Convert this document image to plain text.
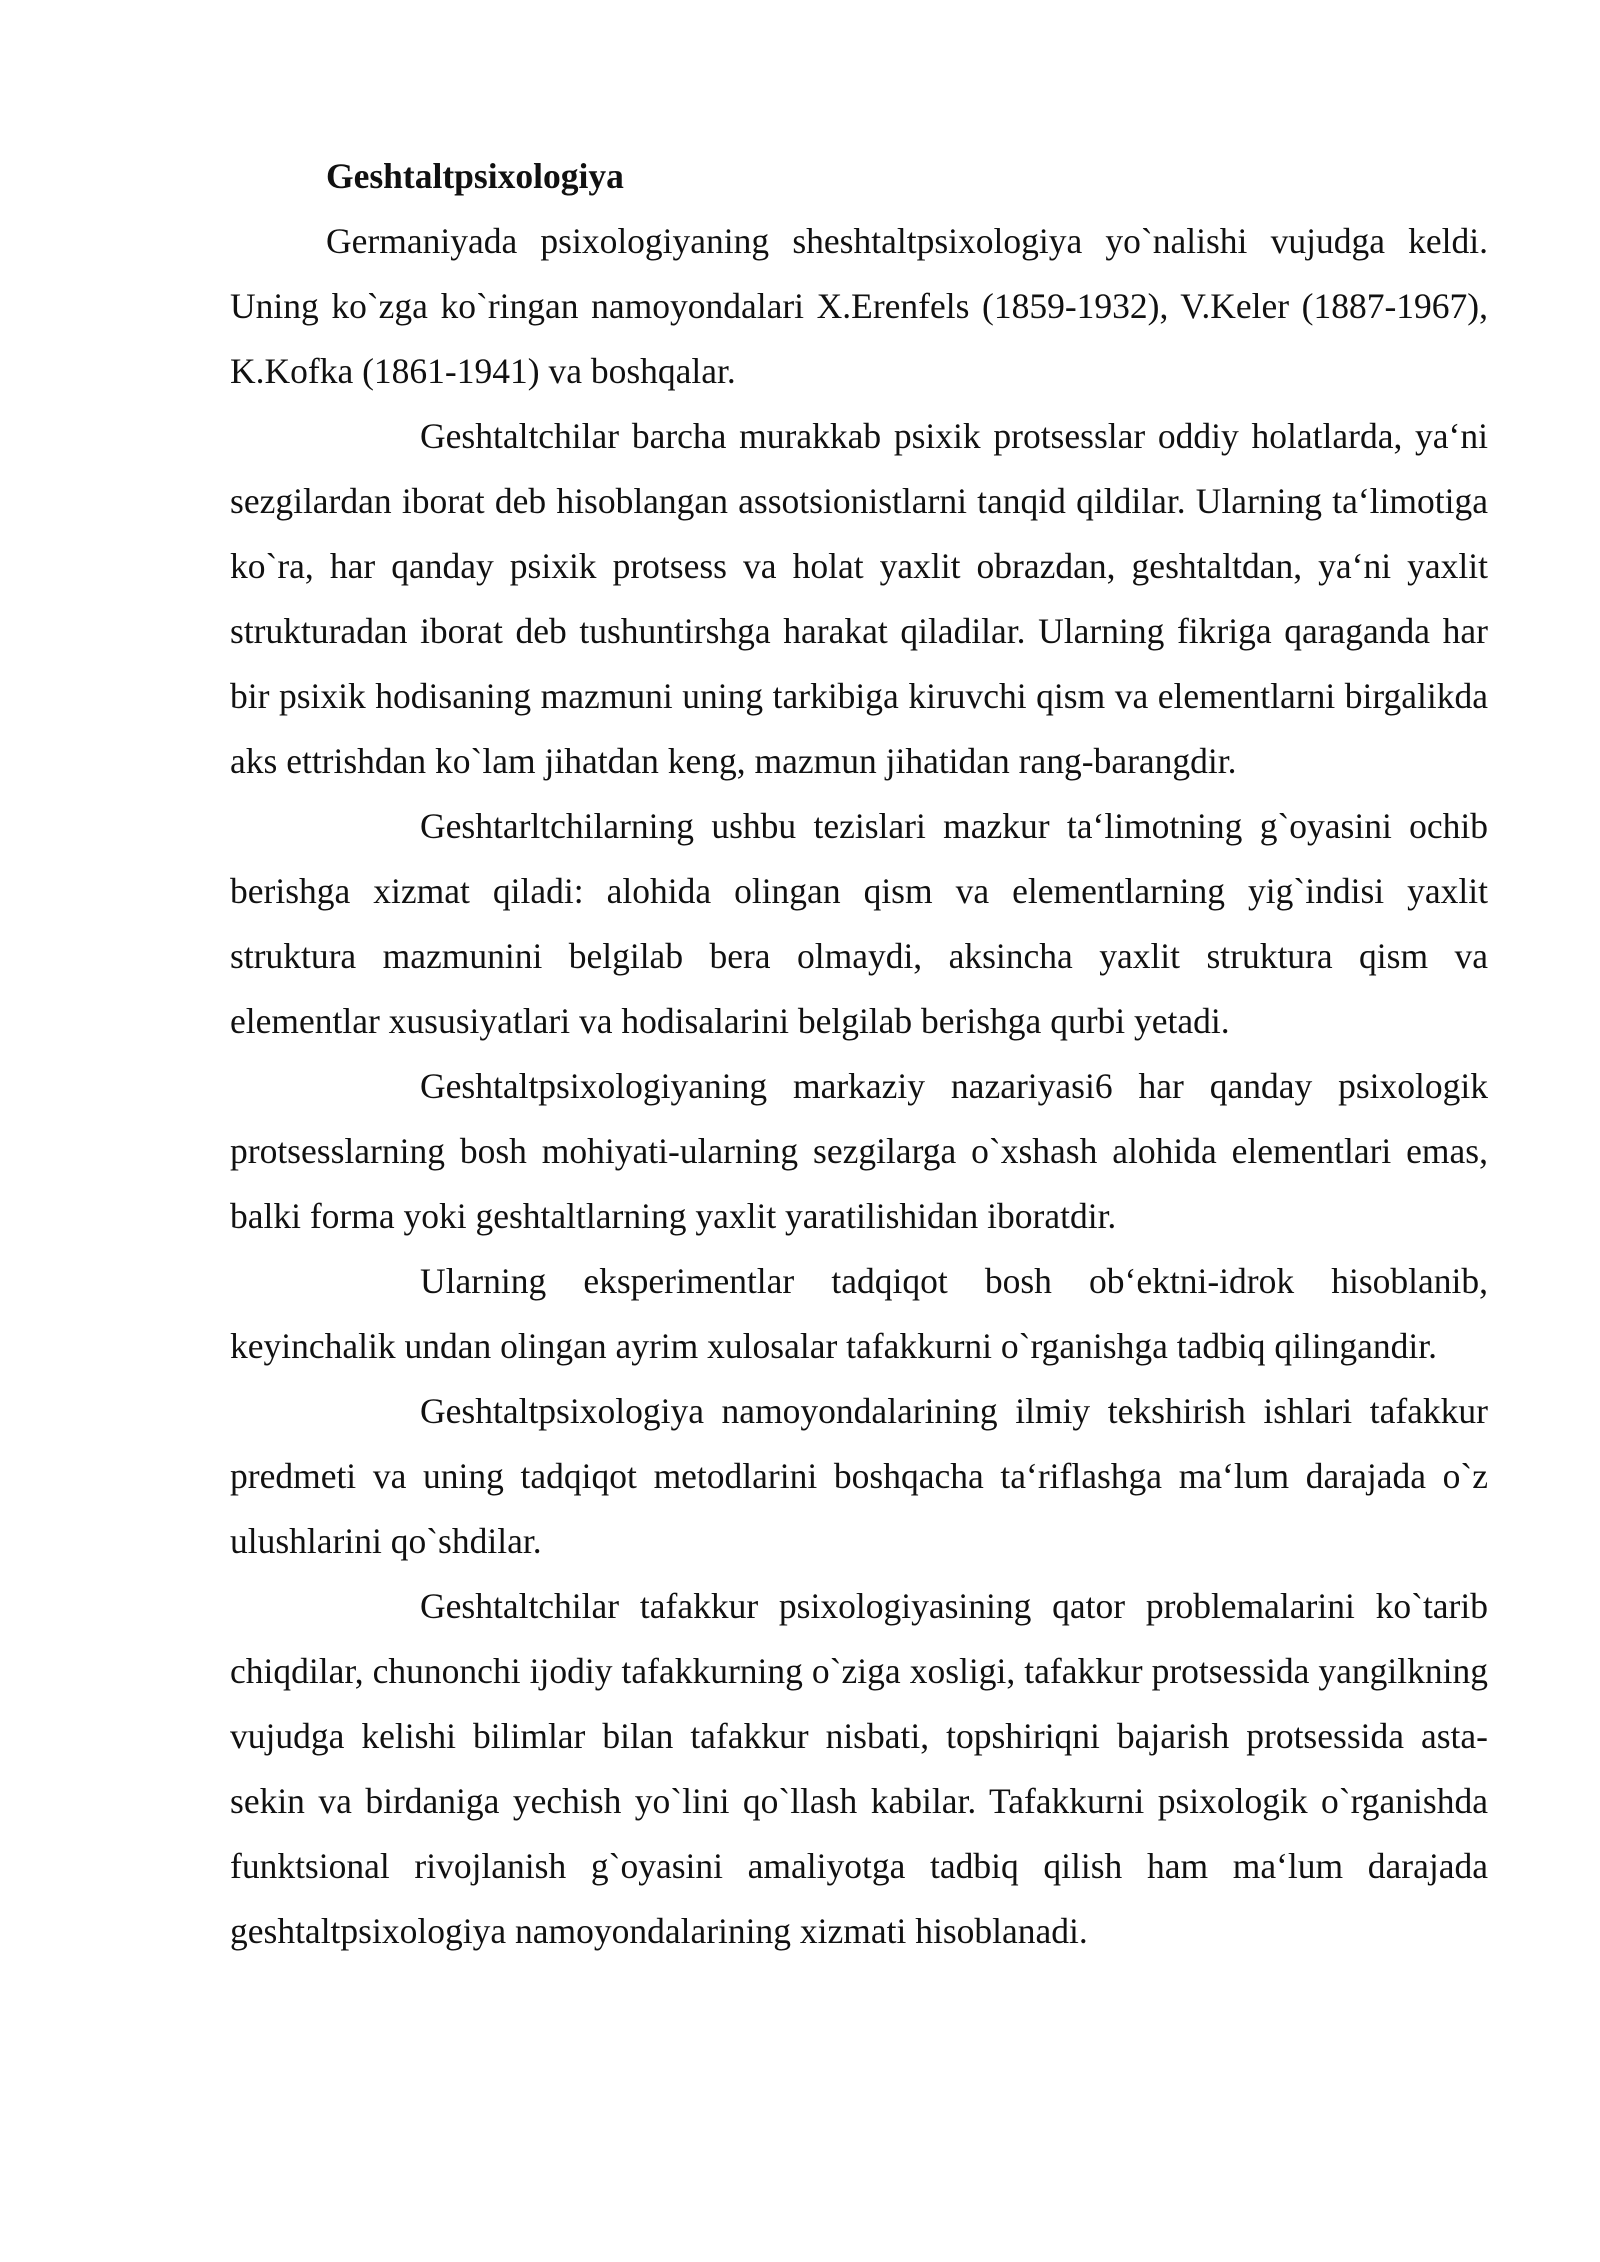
Geshtaltpsixologiya

Germaniyada psixologiyaning sheshtaltpsixologiya yo`nalishi vujudga keldi. Uning ko`zga ko`ringan namoyondalari X.Erenfels (1859-1932), V.Keler (1887-1967), K.Kofka (1861-1941) va boshqalar.

Geshtaltchilar barcha murakkab psixik protsesslar oddiy holatlarda, ya‘ni sezgilardan iborat deb hisoblangan assotsionistlarni tanqid qildilar. Ularning ta‘limotiga ko`ra, har qanday psixik protsess va holat yaxlit obrazdan, geshtaltdan, ya‘ni yaxlit strukturadan iborat deb tushuntirshga harakat qiladilar. Ularning fikriga qaraganda har bir psixik hodisaning mazmuni uning tarkibiga kiruvchi qism va elementlarni birgalikda aks ettrishdan ko`lam jihatdan keng, mazmun jihatidan rang-barangdir.

Geshtarltchilarning ushbu tezislari mazkur ta‘limotning g`oyasini ochib berishga xizmat qiladi: alohida olingan qism va elementlarning yig`indisi yaxlit struktura mazmunini belgilab bera olmaydi, aksincha yaxlit struktura qism va elementlar xususiyatlari va hodisalarini belgilab berishga qurbi yetadi.

Geshtaltpsixologiyaning markaziy nazariyasi6 har qanday psixologik protsesslarning bosh mohiyati-ularning sezgilarga o`xshash alohida elementlari emas, balki forma yoki geshtaltlarning yaxlit yaratilishidan iboratdir.

Ularning eksperimentlar tadqiqot bosh ob‘ektni-idrok hisoblanib, keyinchalik undan olingan ayrim xulosalar tafakkurni o`rganishga tadbiq qilingandir.

Geshtaltpsixologiya namoyondalarining ilmiy tekshirish ishlari tafakkur predmeti va uning tadqiqot metodlarini boshqacha ta‘riflashga ma‘lum darajada o`z ulushlarini qo`shdilar.

Geshtaltchilar tafakkur psixologiyasining qator problemalarini ko`tarib chiqdilar, chunonchi ijodiy tafakkurning o`ziga xosligi, tafakkur protsessida yangilkning vujudga kelishi bilimlar bilan tafakkur nisbati, topshiriqni bajarish protsessida asta-sekin va birdaniga yechish yo`lini qo`llash kabilar. Tafakkurni psixologik o`rganishda funktsional rivojlanish g`oyasini amaliyotga tadbiq qilish ham ma‘lum darajada geshtaltpsixologiya namoyondalarining xizmati hisoblanadi.
